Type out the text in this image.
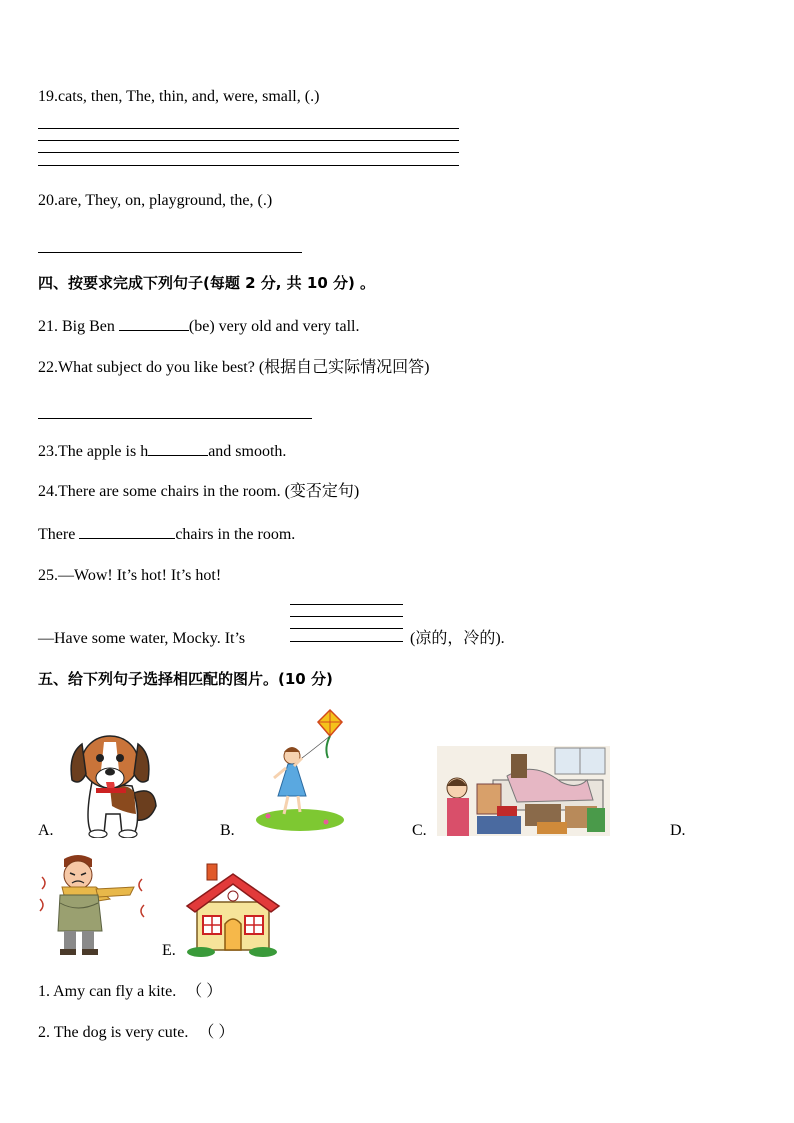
19.cats, then, The, thin, and, were, small, (.)
20.are, They, on, playground, the, (.)
四、按要求完成下列句子(每题 2 分, 共 10 分) 。
21. Big Ben	(be) very old and very tall.
22.What subject do you like best? (根据自己实际情况回答)
23.The apple is h	and smooth.
24.There are some chairs in the room. (变否定句)
There	chairs in the room.
25.—Wow! It’s hot! It’s hot!
—Have some water, Mocky. It’s	(凉的，冷的).
五、给下列句子选择相匹配的图片。(10 分)
A.	B.	C.	D.
E.
1. Amy can fly a kite. （ ）
2. The dog is very cute. （ ）
